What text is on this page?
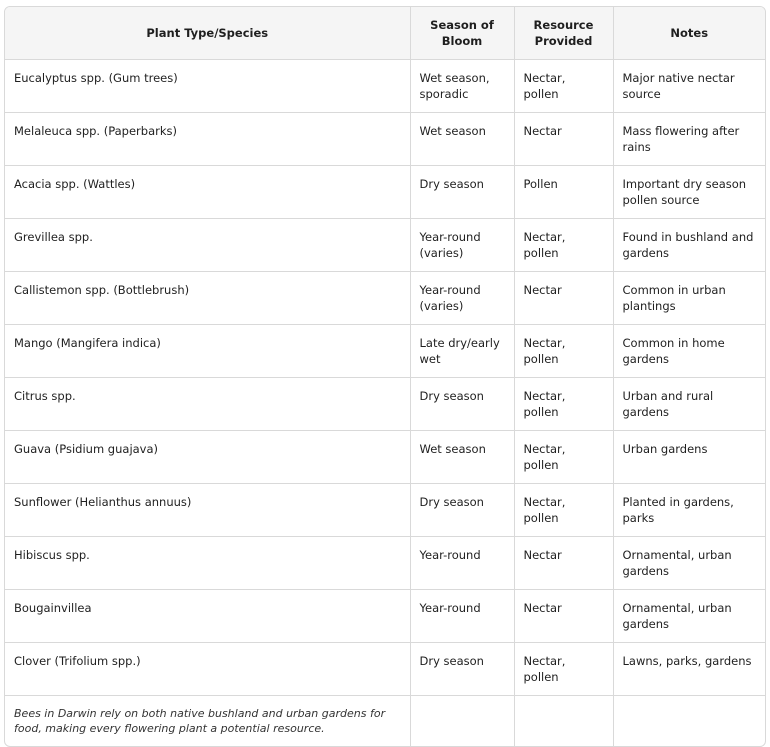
Plant Type/Species	Season of Bloom	Resource Provided	Notes
Eucalyptus spp. (Gum trees)	Wet season, sporadic	Nectar, pollen	Major native nectar source
Melaleuca spp. (Paperbarks)	Wet season	Nectar	Mass flowering after rains
Acacia spp. (Wattles)	Dry season	Pollen	Important dry season pollen source
Grevillea spp.	Year-round (varies)	Nectar, pollen	Found in bushland and gardens
Callistemon spp. (Bottlebrush)	Year-round (varies)	Nectar	Common in urban plantings
Mango (Mangifera indica)	Late dry/early wet	Nectar, pollen	Common in home gardens
Citrus spp.	Dry season	Nectar, pollen	Urban and rural gardens
Guava (Psidium guajava)	Wet season	Nectar, pollen	Urban gardens
Sunflower (Helianthus annuus)	Dry season	Nectar, pollen	Planted in gardens, parks
Hibiscus spp.	Year-round	Nectar	Ornamental, urban gardens
Bougainvillea	Year-round	Nectar	Ornamental, urban gardens
Clover (Trifolium spp.)	Dry season	Nectar, pollen	Lawns, parks, gardens
Bees in Darwin rely on both native bushland and urban gardens for food, making every flowering plant a potential resource.			
